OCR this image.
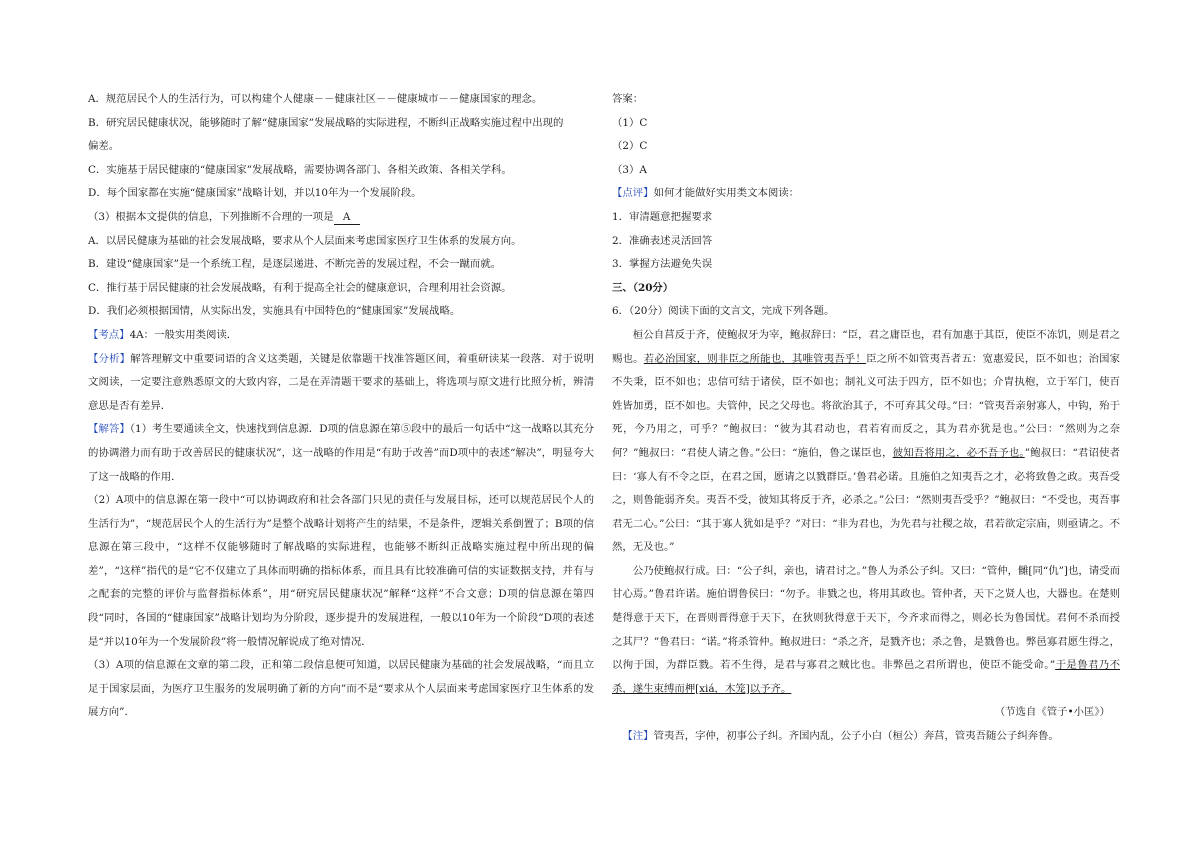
A．规范居民个人的生活行为，可以构建个人健康－－健康社区－－健康城市－－健康国家的理念。

B．研究居民健康状况，能够随时了解“健康国家”发展战略的实际进程，不断纠正战略实施过程中出现的

偏差。

C．实施基于居民健康的“健康国家”发展战略，需要协调各部门、各相关政策、各相关学科。

D．每个国家都在实施“健康国家”战略计划，并以10年为一个发展阶段。

（3）根据本文提供的信息，下列推断不合理的一项是 A

A．以居民健康为基础的社会发展战略，要求从个人层面来考虑国家医疗卫生体系的发展方向。

B．建设“健康国家”是一个系统工程，是逐层递进、不断完善的发展过程，不会一蹴而就。

C．推行基于居民健康的社会发展战略，有利于提高全社会的健康意识，合理利用社会资源。

D．我们必须根据国情，从实际出发，实施具有中国特色的“健康国家”发展战略。

【考点】4A：一般实用类阅读．

【分析】解答理解文中重要词语的含义这类题，关键是依靠题干找准答题区间，着重研读某一段落．对于说明文阅读，一定要注意熟悉原文的大致内容，二是在弄清题干要求的基础上，将选项与原文进行比照分析，辨清意思是否有差异．

【解答】（1）考生要通读全文，快速找到信息源．D项的信息源在第⑤段中的最后一句话中“这一战略以其充分的协调潜力而有助于改善居民的健康状况”，这一战略的作用是“有助于改善”而D项中的表述“解决”，明显夸大了这一战略的作用．

（2）A项中的信息源在第一段中“可以协调政府和社会各部门只见的责任与发展目标，还可以规范居民个人的生活行为”，“规范居民个人的生活行为”是整个战略计划将产生的结果，不是条件，逻辑关系倒置了；B项的信息源在第三段中，“这样不仅能够随时了解战略的实际进程，也能够不断纠正战略实施过程中所出现的偏差”，“这样”指代的是“它不仅建立了具体而明确的指标体系，而且具有比较准确可信的实证数据支持，并有与之配套的完整的评价与监督指标体系”，用“研究居民健康状况”解释“这样”不合文意；D项的信息源在第四段“同时，各国的“健康国家”战略计划均为分阶段，逐步提升的发展进程，一般以10年为一个阶段”D项的表述是“并以10年为一个发展阶段”将一般情况解说成了绝对情况．

（3）A项的信息源在文章的第二段，正和第二段信息便可知道，以居民健康为基础的社会发展战略，“而且立足于国家层面，为医疗卫生服务的发展明确了新的方向”而不是“要求从个人层面来考虑国家医疗卫生体系的发展方向”．

答案：

（1）C

（2）C

（3）A

【点评】如何才能做好实用类文本阅读：

1．审清题意把握要求

2．准确表述灵活回答

3．掌握方法避免失误

三、（20分）

6．（20分）阅读下面的文言文，完成下列各题。

桓公自莒反于齐，使鲍叔牙为宰，鲍叔辞曰：“臣，君之庸臣也，君有加惠于其臣，使臣不冻饥，则是君之赐也。若必治国家，则非臣之所能也，其唯管夷吾乎！臣之所不如管夷吾者五：宽惠爱民，臣不如也；治国家不失秉，臣不如也；忠信可结于诸侯，臣不如也；制礼义可法于四方，臣不如也；介胄执枹，立于军门，使百姓皆加勇，臣不如也。夫管仲，民之父母也。将欲治其子，不可弃其父母。”曰：“管夷吾亲射寡人，中钩，殆于死，今乃用之，可乎？”鲍叔曰：“彼为其君动也，君若宥而反之，其为君亦犹是也。”公曰：“然则为之奈何？”鲍叔曰：“君使人请之鲁。”公曰：“施伯，鲁之谋臣也，彼知吾将用之，必不吾予也。”鲍叔曰：“君诏使者曰：‘寡人有不令之臣，在君之国，愿请之以戮群臣。’鲁君必诺。且施伯之知夷吾之才，必将致鲁之政。夷吾受之，则鲁能弱齐矣。夷吾不受，彼知其将反于齐，必杀之。”公曰：“然则夷吾受乎？”鲍叔曰：“不受也，夷吾事君无二心。”公曰：“其于寡人犹如是乎？”对曰：“非为君也，为先君与社稷之故，君若欲定宗庙，则亟请之。不然，无及也。”

公乃使鲍叔行成。曰：“公子纠，亲也，请君讨之。”鲁人为杀公子纠。又曰：“管仲，雠[同“仇”]也，请受而甘心焉。”鲁君许诺。施伯谓鲁侯曰：“勿予。非戮之也，将用其政也。管仲者，天下之贤人也，大器也。在楚则楚得意于天下，在晋则晋得意于天下，在狄则狄得意于天下，今齐求而得之，则必长为鲁国忧。君何不杀而授之其尸？”鲁君曰：“诺。”将杀管仲。鲍叔进曰：“杀之齐，是戮齐也；杀之鲁，是戮鲁也。弊邑寡君愿生得之，以徇于国，为群臣戮。若不生得，是君与寡君之贼比也。非弊邑之君所谓也，使臣不能受命。”于是鲁君乃不杀，遂生束缚而柙[xiá，木笼]以予齐。

（节选自《管子•小匡》）

【注】管夷吾，字仲，初事公子纠。齐国内乱，公子小白（桓公）奔莒，管夷吾随公子纠奔鲁。
